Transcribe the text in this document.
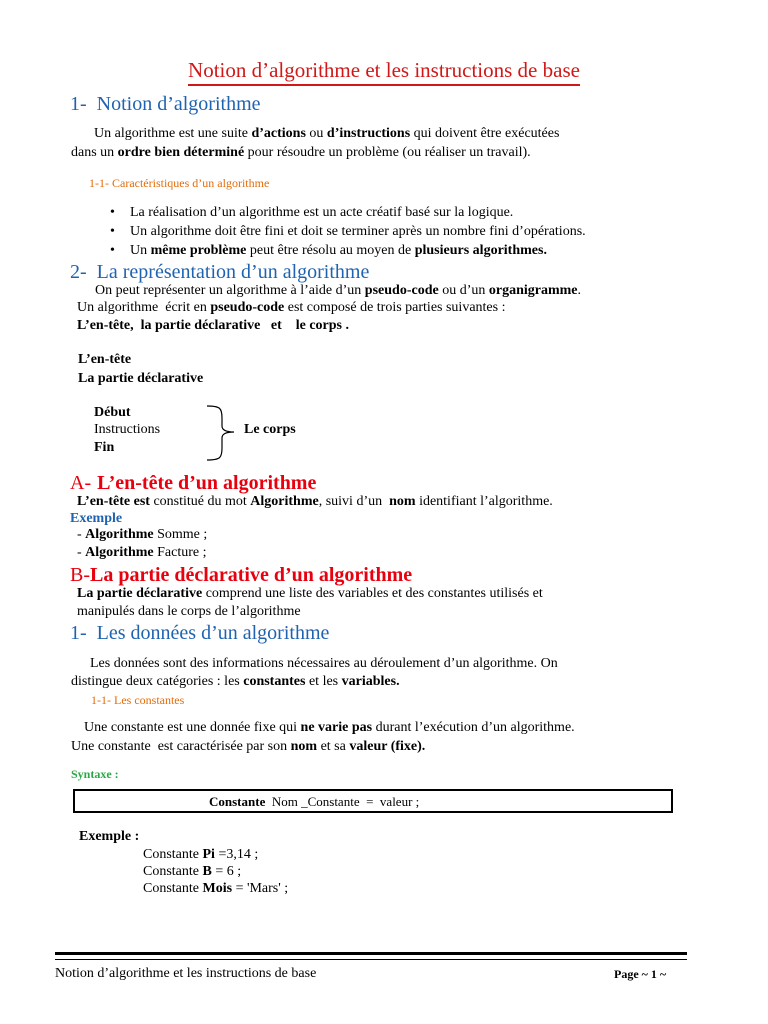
Notion d’algorithme et les instructions de base
1-  Notion d’algorithme
Un algorithme est une suite d’actions ou d’instructions qui doivent être exécutées
dans un ordre bien déterminé pour résoudre un problème (ou réaliser un travail).
1-1- Caractéristiques d’un algorithme
• La réalisation d’un algorithme est un acte créatif basé sur la logique.
• Un algorithme doit être fini et doit se terminer après un nombre fini d’opérations.
• Un même problème peut être résolu au moyen de plusieurs algorithmes.
2-  La représentation d’un algorithme
On peut représenter un algorithme à l’aide d’un pseudo-code ou d’un organigramme.
Un algorithme  écrit en pseudo-code est composé de trois parties suivantes :
L’en-tête,  la partie déclarative   et    le corps .
L’en-tête
La partie déclarative
Début
Instructions
Fin
Le corps
A- L’en-tête d’un algorithme
L’en-tête est constitué du mot Algorithme, suivi d’un  nom identifiant l’algorithme.
Exemple
- Algorithme Somme ;
- Algorithme Facture ;
B-La partie déclarative d’un algorithme
La partie déclarative comprend une liste des variables et des constantes utilisés et
manipulés dans le corps de l’algorithme
1-  Les données d’un algorithme
Les données sont des informations nécessaires au déroulement d’un algorithme. On
distingue deux catégories : les constantes et les variables.
1-1- Les constantes
Une constante est une donnée fixe qui ne varie pas durant l’exécution d’un algorithme.
Une constante  est caractérisée par son nom et sa valeur (fixe).
Syntaxe :
Constante  Nom _Constante  =  valeur ;
Exemple :
Constante Pi =3,14 ;
Constante B = 6 ;
Constante Mois = 'Mars' ;
Notion d’algorithme et les instructions de base	Page ~ 1 ~
